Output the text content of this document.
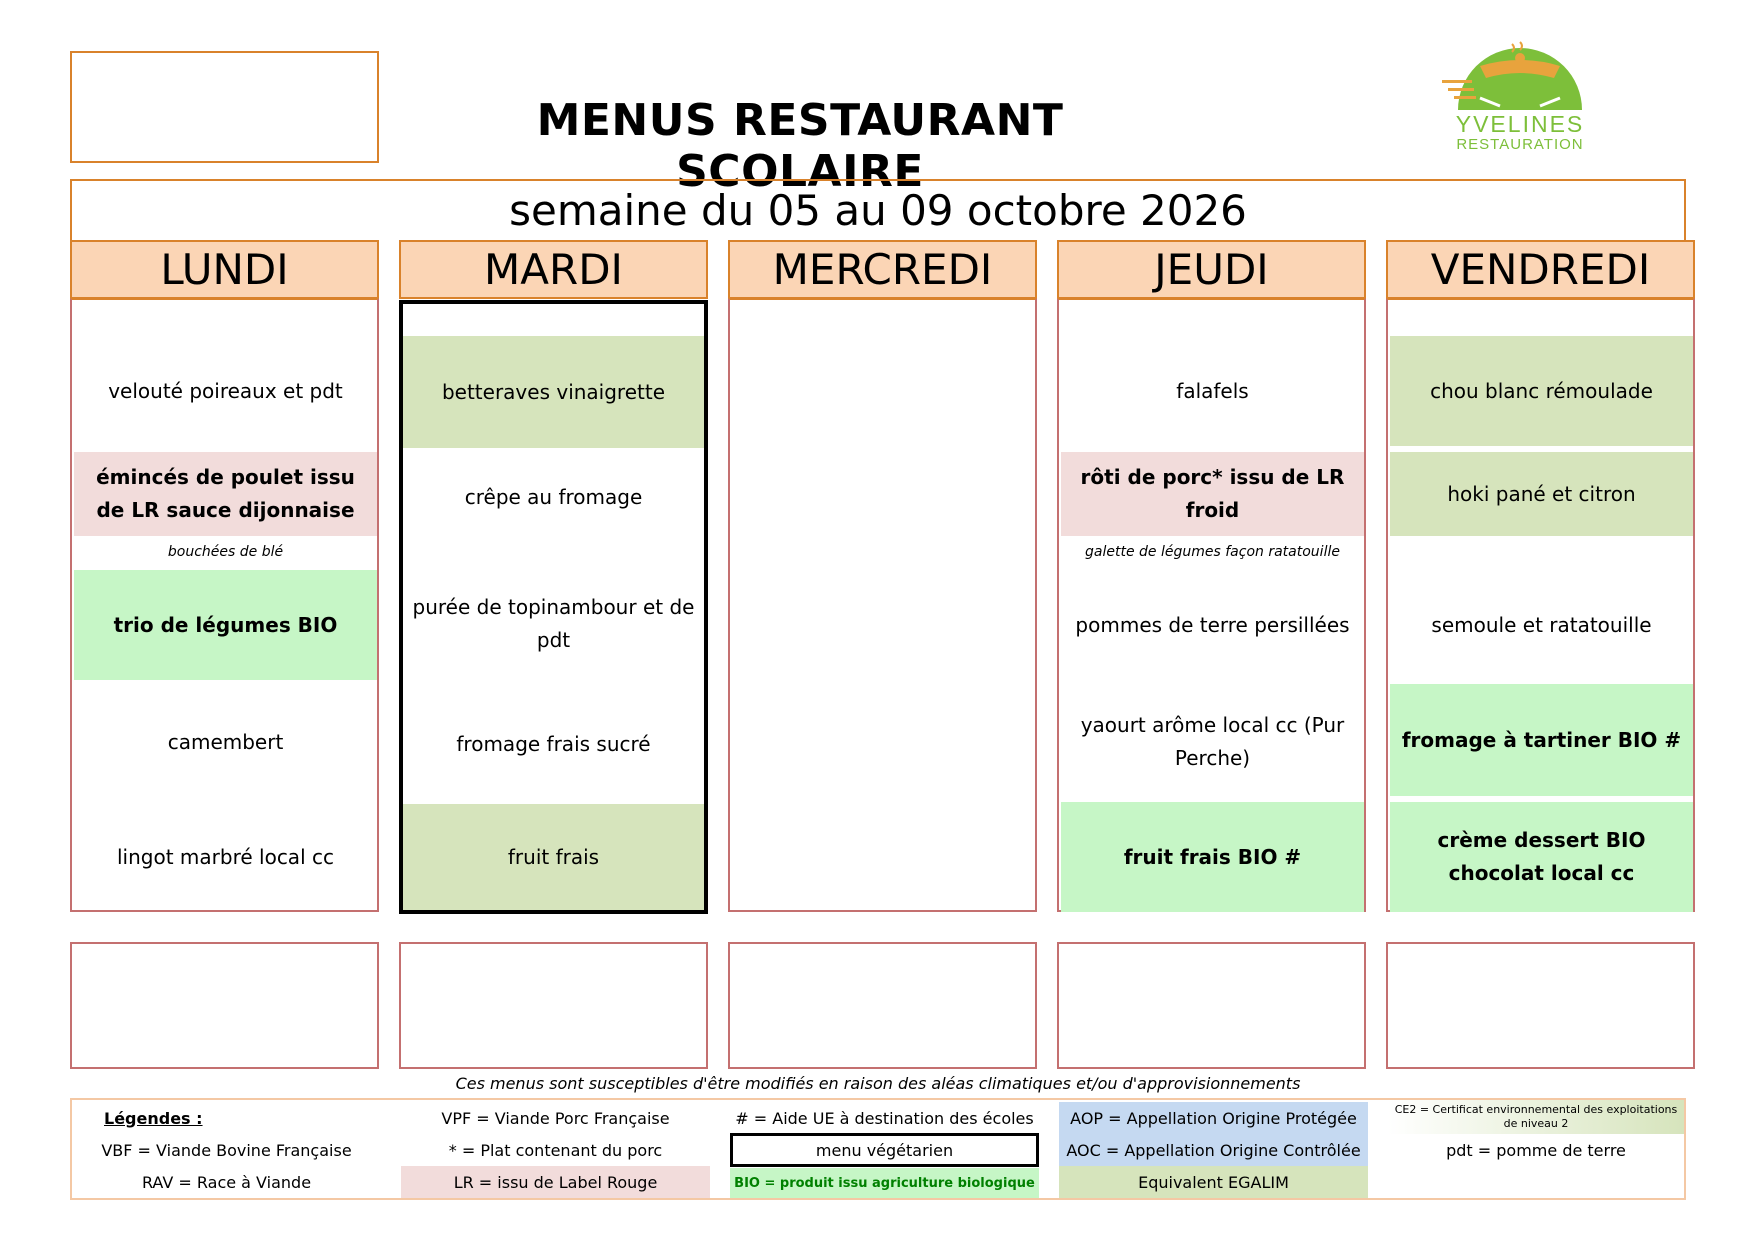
MENUS RESTAURANT SCOLAIRE
YVELINES
RESTAURATION
semaine du 05 au 09 octobre 2026
LUNDI
velouté poireaux et pdt
émincés de poulet issu de LR sauce dijonnaise
bouchées de blé
trio de légumes BIO
camembert
lingot marbré local cc
MARDI
betteraves vinaigrette
crêpe au fromage
purée de topinambour et de pdt
fromage frais sucré
fruit frais
MERCREDI	JEUDI
falafels
rôti de porc* issu de LR froid
galette de légumes façon ratatouille
pommes de terre persillées
yaourt arôme local cc (Pur Perche)
fruit frais BIO #
VENDREDI
chou blanc rémoulade
hoki pané et citron
semoule et ratatouille
fromage à tartiner BIO #
crème dessert BIO chocolat local cc
Ces menus sont susceptibles d'être modifiés en raison des aléas climatiques et/ou d'approvisionnements
Légendes :
VBF = Viande Bovine Française
RAV = Race à Viande
VPF = Viande Porc Française
* = Plat contenant du porc
LR = issu de Label Rouge
# = Aide UE à destination des écoles
menu végétarien
BIO = produit issu agriculture biologique
AOP = Appellation Origine Protégée
AOC = Appellation Origine Contrôlée
Equivalent EGALIM
CE2 = Certificat environnemental des exploitations de niveau 2
pdt = pomme de terre
